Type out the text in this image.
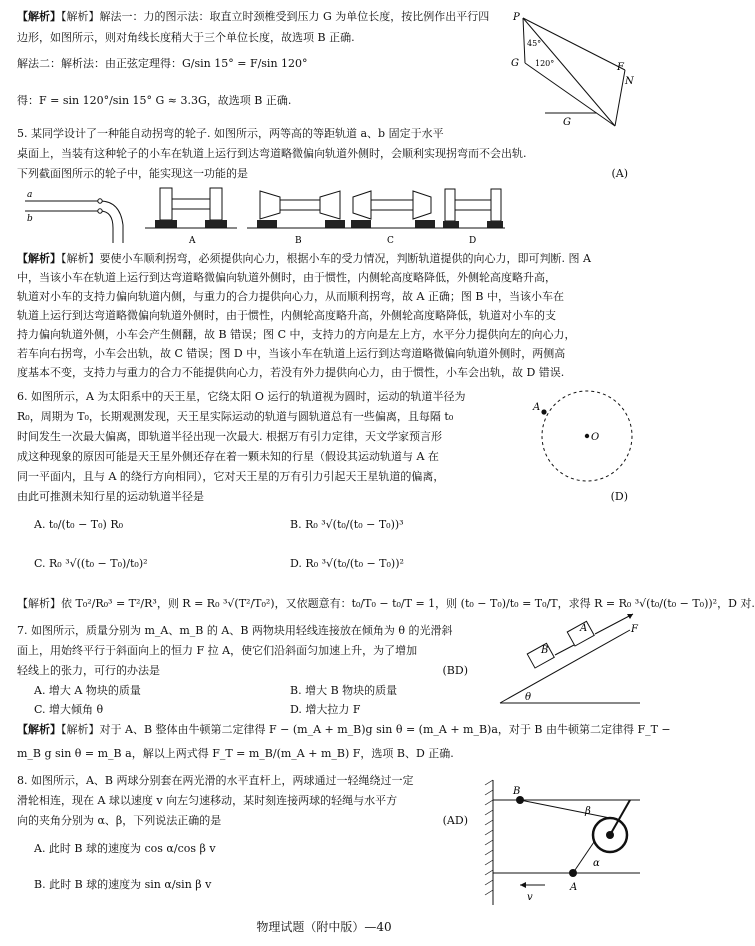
【解析】【解析】解法一：力的图示法：取直立时颈椎受到压力 G 为单位长度，按比例作出平行四
边形，如图所示，则对角线长度稍大于三个单位长度，故选项 B 正确.
解法二：解析法：由正弦定理得：G/sin 15° = F/sin 120°
得：F = sin 120°/sin 15° G ≈ 3.3G，故选项 B 正确.
P
45°
G 120°	F
N
G
5. 某同学设计了一种能自动拐弯的轮子. 如图所示，两等高的等距轨道 a、b 固定于水平
桌面上，当装有这种轮子的小车在轨道上运行到达弯道略微偏向轨道外侧时，会顺利实现拐弯而不会出轨.
下列截面图所示的轮子中，能实现这一功能的是	(A)
a
b
A	B	C	D
【解析】【解析】要使小车顺利拐弯，必须提供向心力，根据小车的受力情况，判断轨道提供的向心力，即可判断. 图 A
中，当该小车在轨道上运行到达弯道略微偏向轨道外侧时，由于惯性，内侧轮高度略降低，外侧轮高度略升高，
轨道对小车的支持力偏向轨道内侧，与重力的合力提供向心力，从而顺利拐弯，故 A 正确；图 B 中，当该小车在
轨道上运行到达弯道略微偏向轨道外侧时，由于惯性，内侧轮高度略升高，外侧轮高度略降低，轨道对小车的支
持力偏向轨道外侧，小车会产生侧翻，故 B 错误；图 C 中，支持力的方向是左上方，水平分力提供向左的向心力，
若车向右拐弯，小车会出轨，故 C 错误；图 D 中，当该小车在轨道上运行到达弯道略微偏向轨道外侧时，两侧高
度基本不变，支持力与重力的合力不能提供向心力，若没有外力提供向心力，由于惯性，小车会出轨，故 D 错误.
6. 如图所示，A 为太阳系中的天王星，它绕太阳 O 运行的轨道视为圆时，运动的轨道半径为
R₀，周期为 T₀，长期观测发现，天王星实际运动的轨道与圆轨道总有一些偏离，且每隔 t₀
时间发生一次最大偏离，即轨道半径出现一次最大. 根据万有引力定律，天文学家预言形
成这种现象的原因可能是天王星外侧还存在着一颗未知的行星（假设其运动轨道与 A 在
同一平面内，且与 A 的绕行方向相同），它对天王星的万有引力引起天王星轨道的偏离，
由此可推测未知行星的运动轨道半径是	(D)
A
O
A. t₀/(t₀ − T₀) R₀	B. R₀ ³√(t₀/(t₀ − T₀))³
C. R₀ ³√((t₀ − T₀)/t₀)²	D. R₀ ³√(t₀/(t₀ − T₀))²
【解析】依 T₀²/R₀³ = T²/R³，则 R = R₀ ³√(T²/T₀²)，又依题意有：t₀/T₀ − t₀/T = 1，则 (t₀ − T₀)/t₀ = T₀/T，求得 R = R₀ ³√(t₀/(t₀ − T₀))²，D 对.
7. 如图所示，质量分别为 m_A、m_B 的 A、B 两物块用轻线连接放在倾角为 θ 的光滑斜
面上，用始终平行于斜面向上的恒力 F 拉 A，使它们沿斜面匀加速上升，为了增加
轻线上的张力，可行的办法是	(BD)
A. 增大 A 物块的质量	B. 增大 B 物块的质量
C. 增大倾角 θ	D. 增大拉力 F
B
A	F
θ
【解析】【解析】对于 A、B 整体由牛顿第二定律得 F − (m_A + m_B)g sin θ = (m_A + m_B)a，对于 B 由牛顿第二定律得 F_T −
m_B g sin θ = m_B a，解以上两式得 F_T = m_B/(m_A + m_B) F，选项 B、D 正确.
8. 如图所示，A、B 两球分别套在两光滑的水平直杆上，两球通过一轻绳绕过一定
滑轮相连，现在 A 球以速度 v 向左匀速移动，某时刻连接两球的轻绳与水平方
向的夹角分别为 α、β，下列说法正确的是	(AD)
A. 此时 B 球的速度为 cos α/cos β v
B. 此时 B 球的速度为 sin α/sin β v
B
β
α
A
v
物理试题（附中版）—40
